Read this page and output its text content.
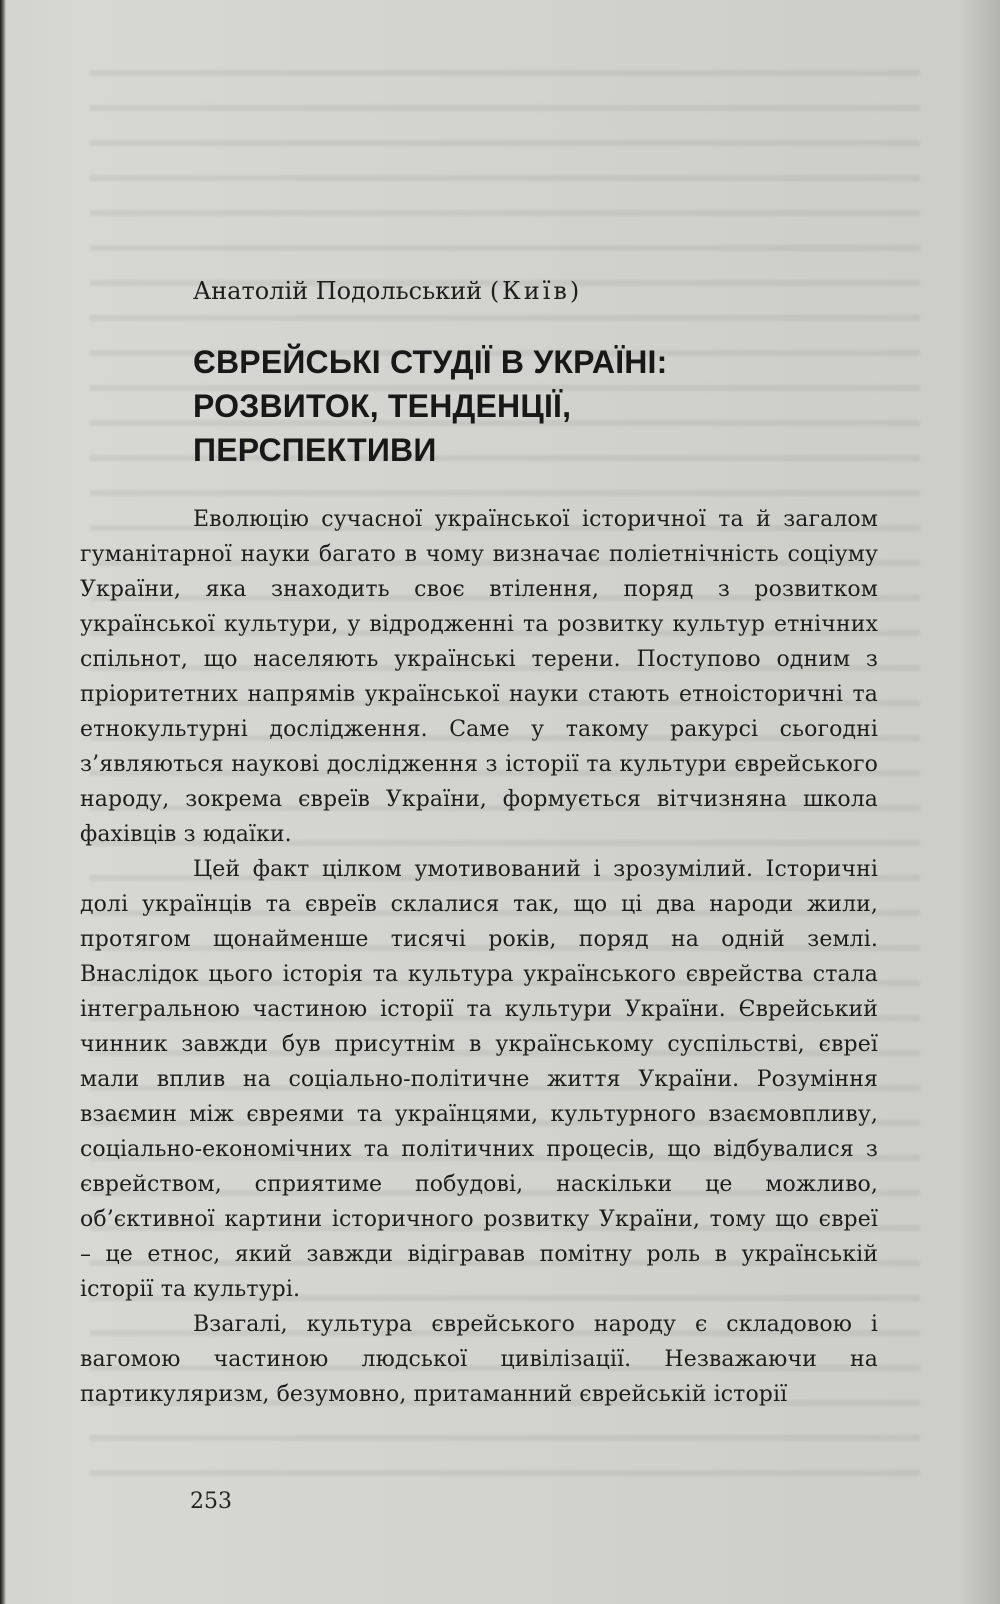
Анатолій Подольський (Київ)
ЄВРЕЙСЬКІ СТУДІЇ В УКРАЇНІ:
РОЗВИТОК, ТЕНДЕНЦІЇ,
ПЕРСПЕКТИВИ

Еволюцію сучасної української історичної та й загалом гуманітарної науки багато в чому визначає поліетнічність соціуму України, яка знаходить своє втілення, поряд з розвитком української культури, у відродженні та розвитку культур етнічних спільнот, що населяють українські терени. Поступово одним з пріоритетних напрямів української науки стають етноісторичні та етнокультурні дослідження. Саме у такому ракурсі сьогодні з’являються наукові дослідження з історії та культури єврейського народу, зокрема євреїв України, формується вітчизняна школа фахівців з юдаїки.

Цей факт цілком умотивований і зрозумілий. Історичні долі українців та євреїв склалися так, що ці два народи жили, протягом щонайменше тисячі років, поряд на одній землі. Внаслідок цього історія та культура українського єврейства стала інтегральною частиною історії та культури України. Єврейський чинник завжди був присутнім в українському суспільстві, євреї мали вплив на соціально-політичне життя України. Розуміння взаємин між євреями та українцями, культурного взаємовпливу, соціально-економічних та політичних процесів, що відбувалися з єврейством, сприятиме побудові, наскільки це можливо, об’єктивної картини історичного розвитку України, тому що євреї – це етнос, який завжди відігравав помітну роль в українській історії та культурі.

Взагалі, культура єврейського народу є складовою і вагомою частиною людської цивілізації. Незважаючи на партикуляризм, безумовно, притаманний єврейській історії

253
